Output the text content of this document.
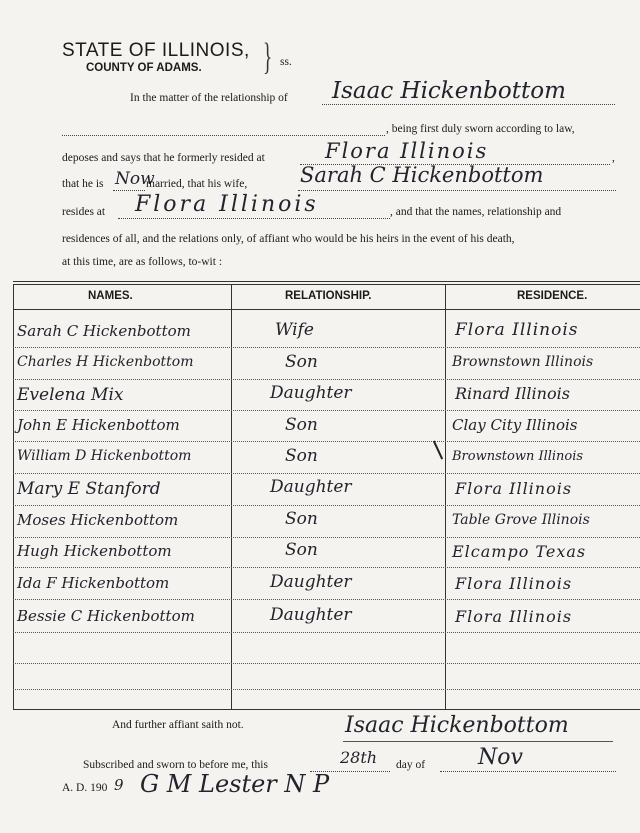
STATE OF ILLINOIS,
COUNTY OF ADAMS. } ss.
In the matter of the relationship of Isaac Hickenbottom
, being first duly sworn according to law,
deposes and says that he formerly resided at	Flora Illinois	,
that he is Now
married, that his wife,	Sarah C Hickenbottom
resides at Flora Illinois	, and that the names, relationship and
residences of all, and the relations only, of affiant who would be his heirs in the event of his death,
at this time, are as follows, to-wit :
NAMES.	RELATIONSHIP.	RESIDENCE.
Sarah C Hickenbottom	Wife	Flora Illinois
Charles H Hickenbottom	Son	Brownstown Illinois
Evelena Mix	Daughter	Rinard Illinois
John E Hickenbottom	Son	Clay City Illinois
William D Hickenbottom	Son	Brownstown Illinois
Mary E Stanford	Daughter	Flora Illinois
Moses Hickenbottom	Son	Table Grove Illinois
Hugh Hickenbottom	Son	Elcampo Texas
Ida F Hickenbottom	Daughter	Flora Illinois
Bessie C Hickenbottom	Daughter	Flora Illinois
And further affiant saith not.	Isaac Hickenbottom
Subscribed and sworn to before me, this	28th day of Nov
A. D. 190 9 G M Lester N P
